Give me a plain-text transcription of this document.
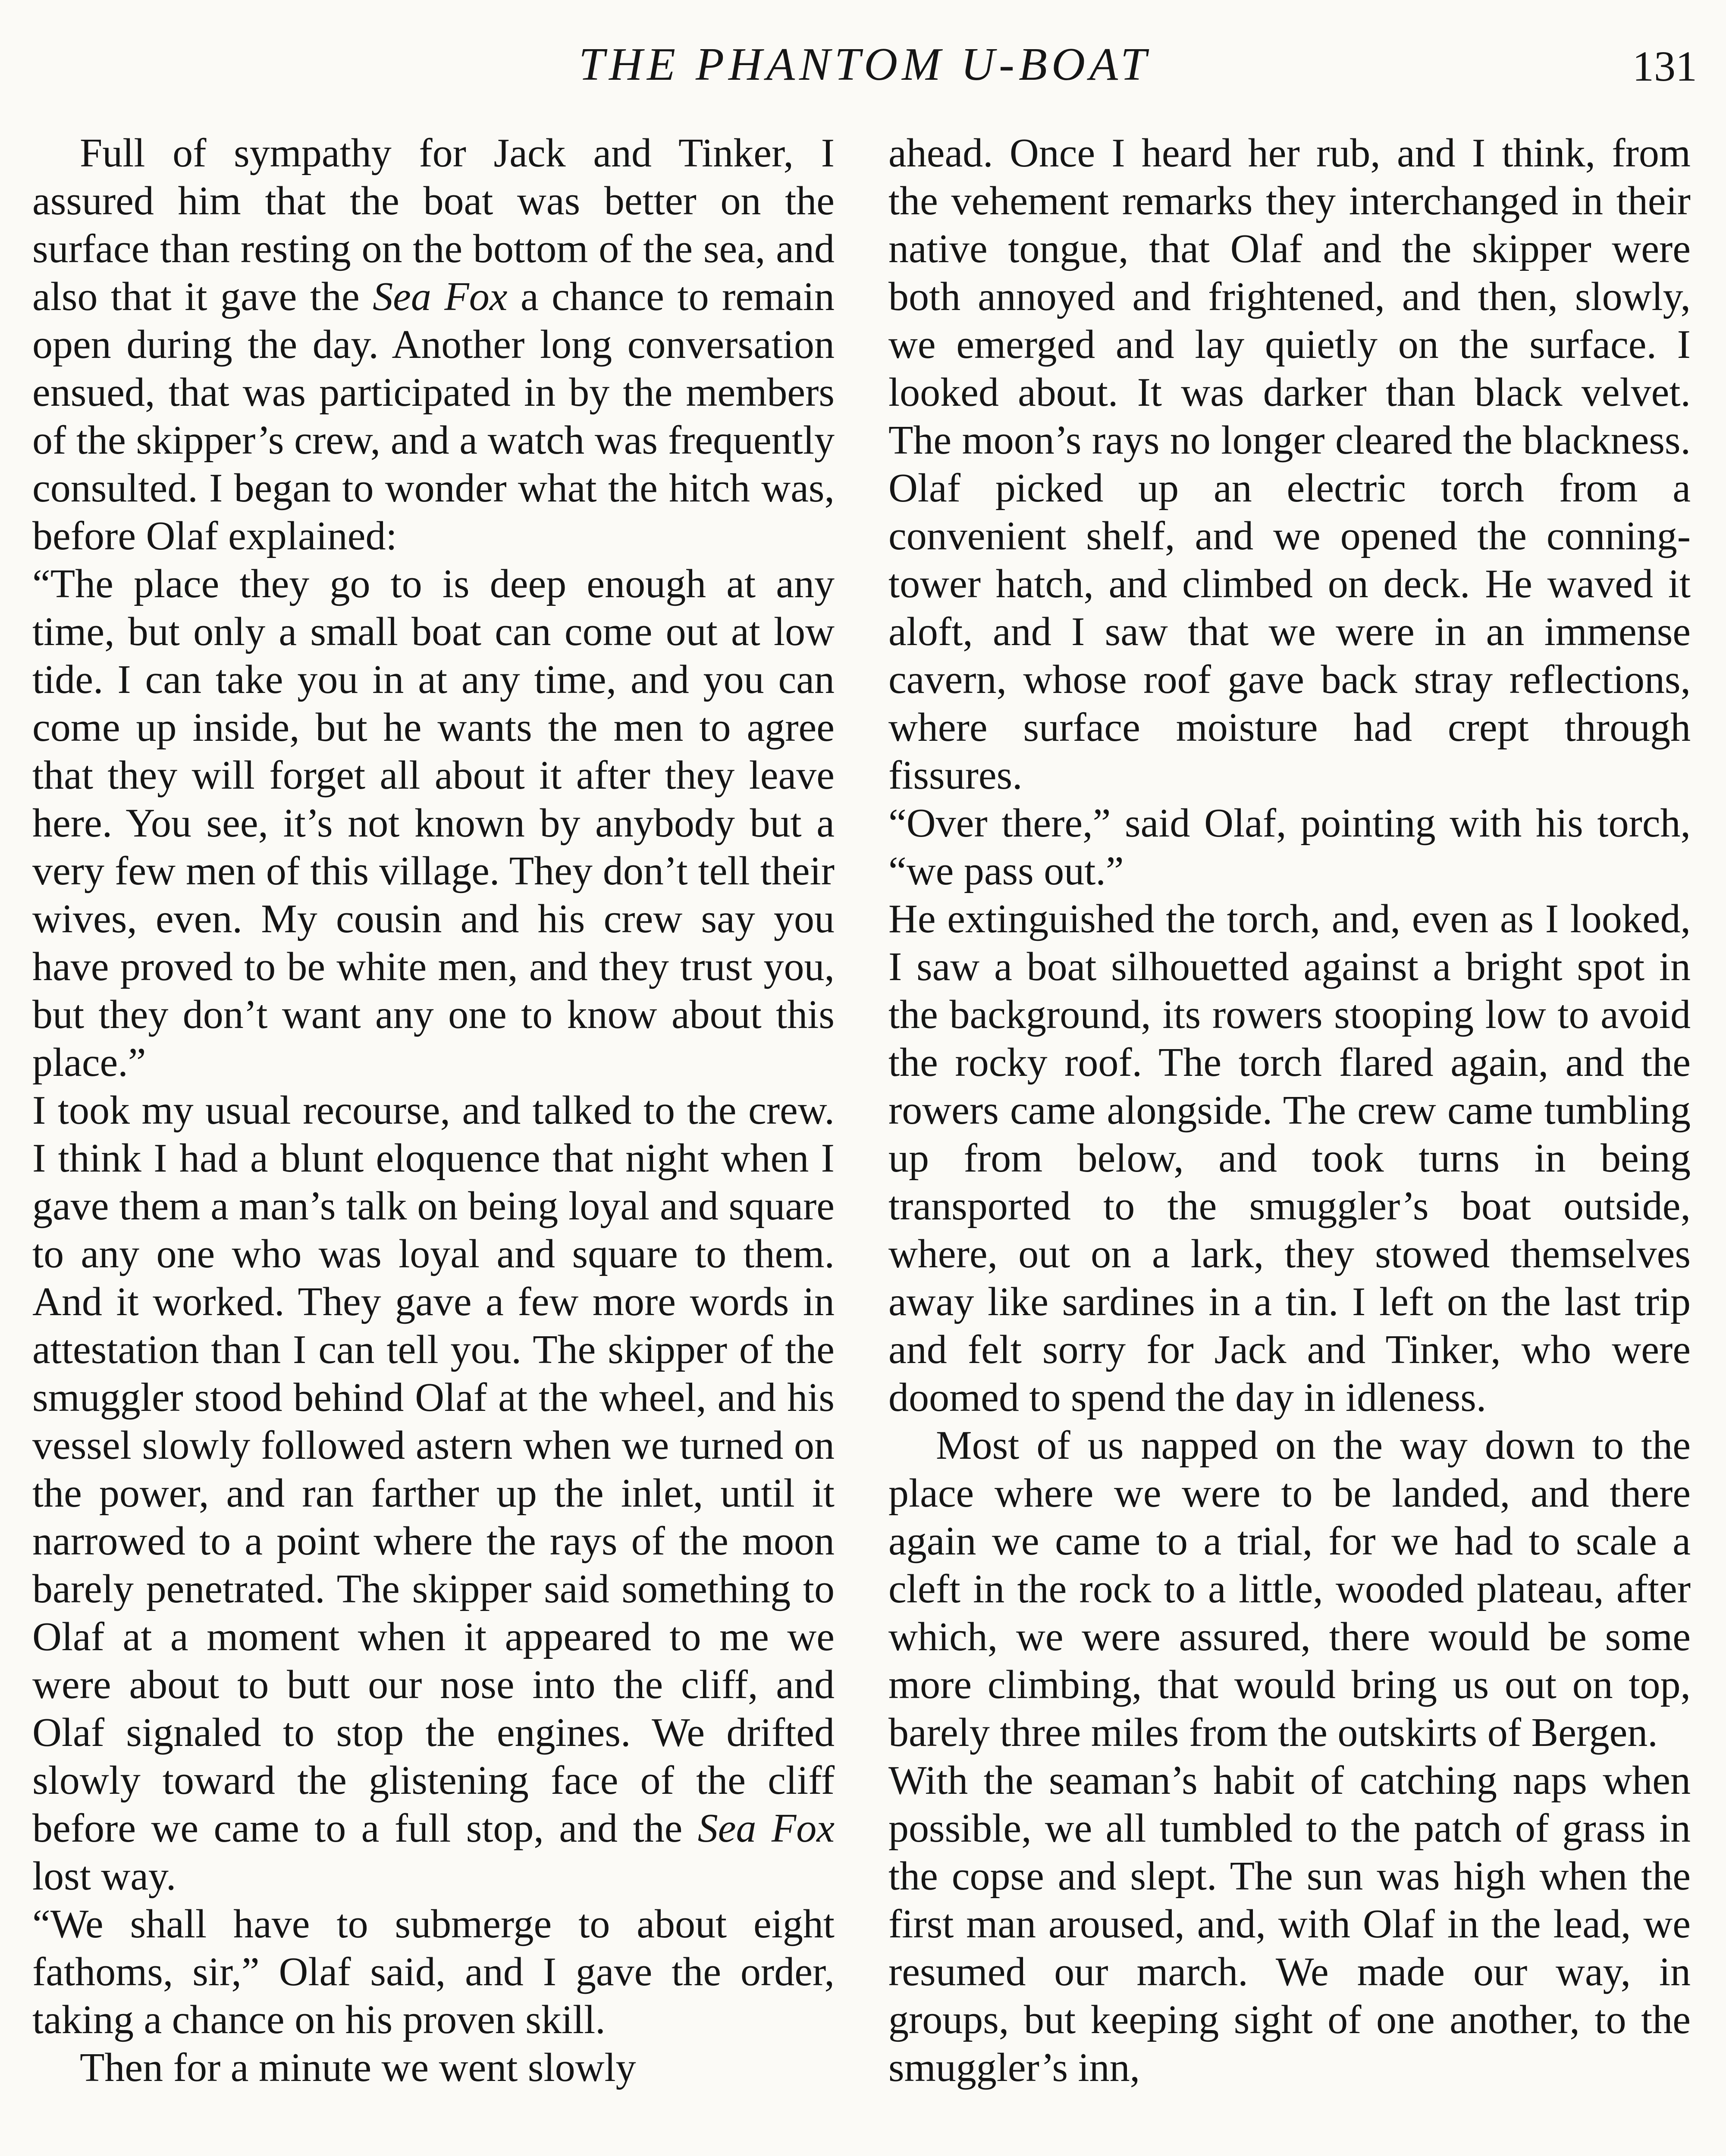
THE PHANTOM U-BOAT	131

Full of sympathy for Jack and Tinker, I assured him that the boat was better on the surface than resting on the bottom of the sea, and also that it gave the Sea Fox a chance to remain open during the day. Another long conversation ensued, that was participated in by the members of the skipper’s crew, and a watch was frequently consulted. I began to wonder what the hitch was, before Olaf explained:

“The place they go to is deep enough at any time, but only a small boat can come out at low tide. I can take you in at any time, and you can come up inside, but he wants the men to agree that they will forget all about it after they leave here. You see, it’s not known by anybody but a very few men of this village. They don’t tell their wives, even. My cousin and his crew say you have proved to be white men, and they trust you, but they don’t want any one to know about this place.”

I took my usual recourse, and talked to the crew. I think I had a blunt eloquence that night when I gave them a man’s talk on being loyal and square to any one who was loyal and square to them. And it worked. They gave a few more words in attestation than I can tell you. The skipper of the smuggler stood behind Olaf at the wheel, and his vessel slowly followed astern when we turned on the power, and ran farther up the inlet, until it narrowed to a point where the rays of the moon barely penetrated. The skipper said something to Olaf at a moment when it appeared to me we were about to butt our nose into the cliff, and Olaf signaled to stop the engines. We drifted slowly toward the glistening face of the cliff before we came to a full stop, and the Sea Fox lost way.

“We shall have to submerge to about eight fathoms, sir,” Olaf said, and I gave the order, taking a chance on his proven skill.

Then for a minute we went slowly

ahead. Once I heard her rub, and I think, from the vehement remarks they interchanged in their native tongue, that Olaf and the skipper were both annoyed and frightened, and then, slowly, we emerged and lay quietly on the surface. I looked about. It was darker than black velvet. The moon’s rays no longer cleared the blackness. Olaf picked up an electric torch from a convenient shelf, and we opened the conning-tower hatch, and climbed on deck. He waved it aloft, and I saw that we were in an immense cavern, whose roof gave back stray reflections, where surface moisture had crept through fissures.

“Over there,” said Olaf, pointing with his torch, “we pass out.”

He extinguished the torch, and, even as I looked, I saw a boat silhouetted against a bright spot in the background, its rowers stooping low to avoid the rocky roof. The torch flared again, and the rowers came alongside. The crew came tumbling up from below, and took turns in being transported to the smuggler’s boat outside, where, out on a lark, they stowed themselves away like sardines in a tin. I left on the last trip and felt sorry for Jack and Tinker, who were doomed to spend the day in idleness.

Most of us napped on the way down to the place where we were to be landed, and there again we came to a trial, for we had to scale a cleft in the rock to a little, wooded plateau, after which, we were assured, there would be some more climbing, that would bring us out on top, barely three miles from the outskirts of Bergen.

With the seaman’s habit of catching naps when possible, we all tumbled to the patch of grass in the copse and slept. The sun was high when the first man aroused, and, with Olaf in the lead, we resumed our march. We made our way, in groups, but keeping sight of one another, to the smuggler’s inn,
